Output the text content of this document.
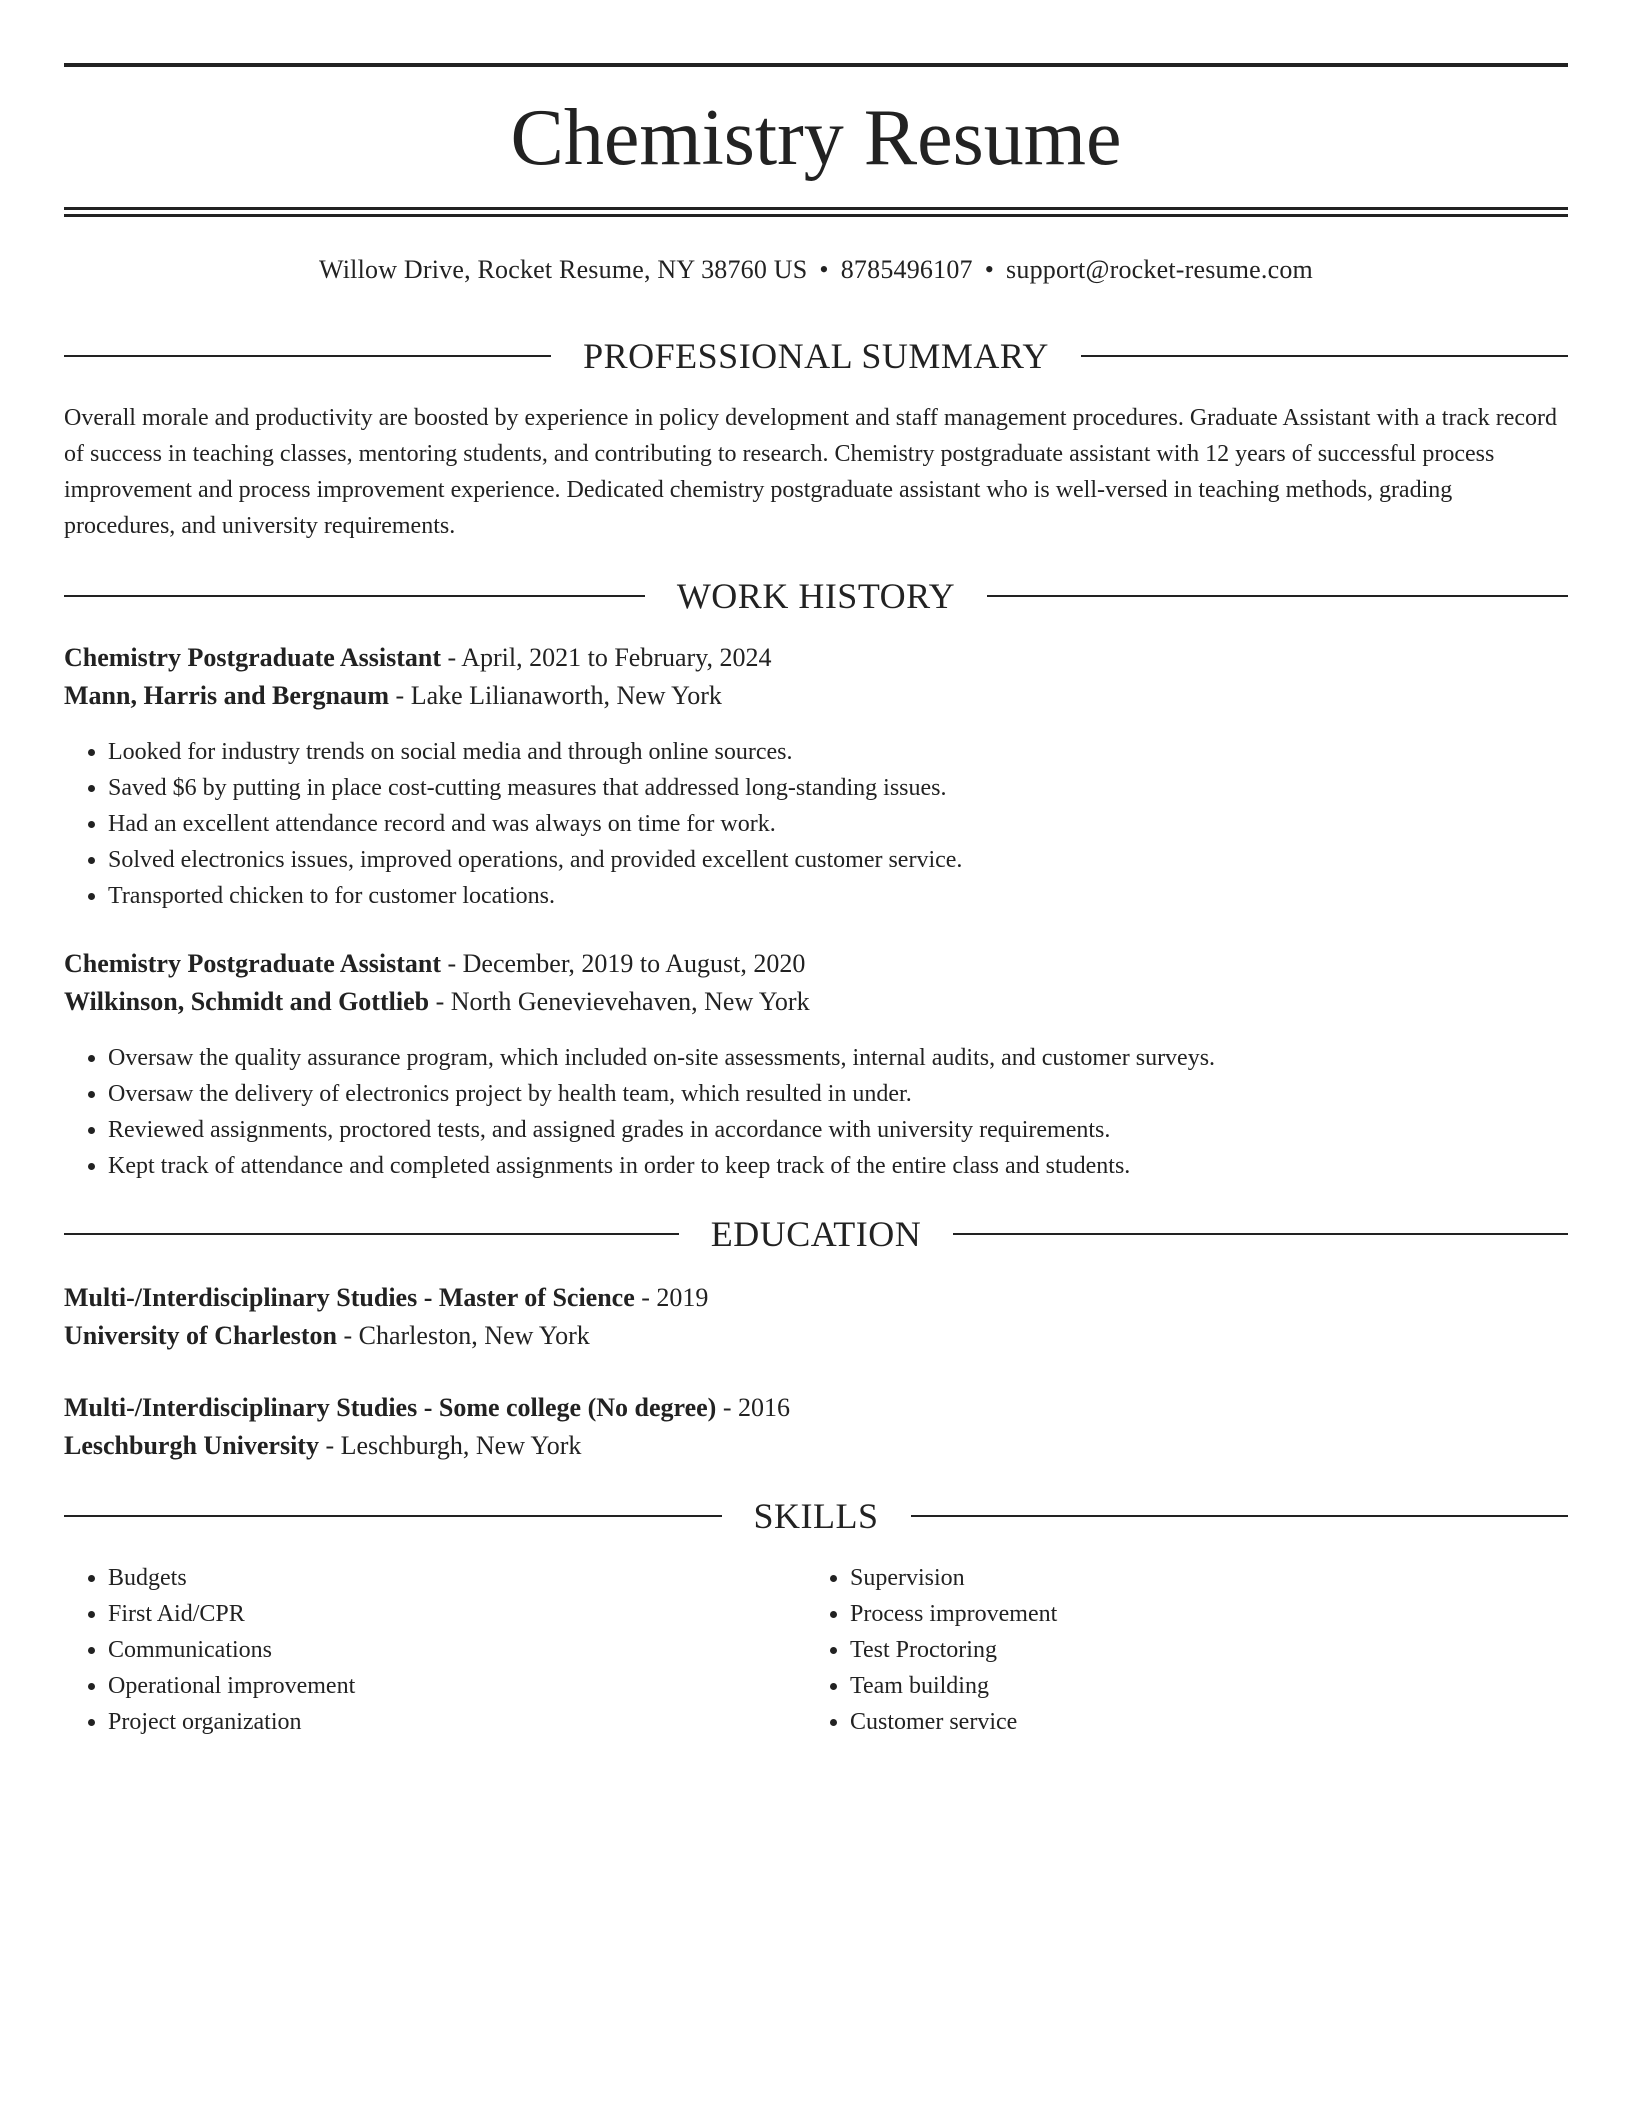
Chemistry Resume
Willow Drive, Rocket Resume, NY 38760 US • 8785496107 • support@rocket-resume.com
PROFESSIONAL SUMMARY

Overall morale and productivity are boosted by experience in policy development and staff management procedures. Graduate Assistant with a track record of success in teaching classes, mentoring students, and contributing to research. Chemistry postgraduate assistant with 12 years of successful process improvement and process improvement experience. Dedicated chemistry postgraduate assistant who is well-versed in teaching methods, grading procedures, and university requirements.

WORK HISTORY
Chemistry Postgraduate Assistant - April, 2021 to February, 2024
Mann, Harris and Bergnaum - Lake Lilianaworth, New York
• Looked for industry trends on social media and through online sources.
• Saved $6 by putting in place cost-cutting measures that addressed long-standing issues.
• Had an excellent attendance record and was always on time for work.
• Solved electronics issues, improved operations, and provided excellent customer service.
• Transported chicken to for customer locations.
Chemistry Postgraduate Assistant - December, 2019 to August, 2020
Wilkinson, Schmidt and Gottlieb - North Genevievehaven, New York
• Oversaw the quality assurance program, which included on-site assessments, internal audits, and customer surveys.
• Oversaw the delivery of electronics project by health team, which resulted in under.
• Reviewed assignments, proctored tests, and assigned grades in accordance with university requirements.
• Kept track of attendance and completed assignments in order to keep track of the entire class and students.
EDUCATION
Multi-/Interdisciplinary Studies - Master of Science - 2019
University of Charleston - Charleston, New York
Multi-/Interdisciplinary Studies - Some college (No degree) - 2016
Leschburgh University - Leschburgh, New York
SKILLS
• Budgets
• First Aid/CPR
• Communications
• Operational improvement
• Project organization
• Supervision
• Process improvement
• Test Proctoring
• Team building
• Customer service
